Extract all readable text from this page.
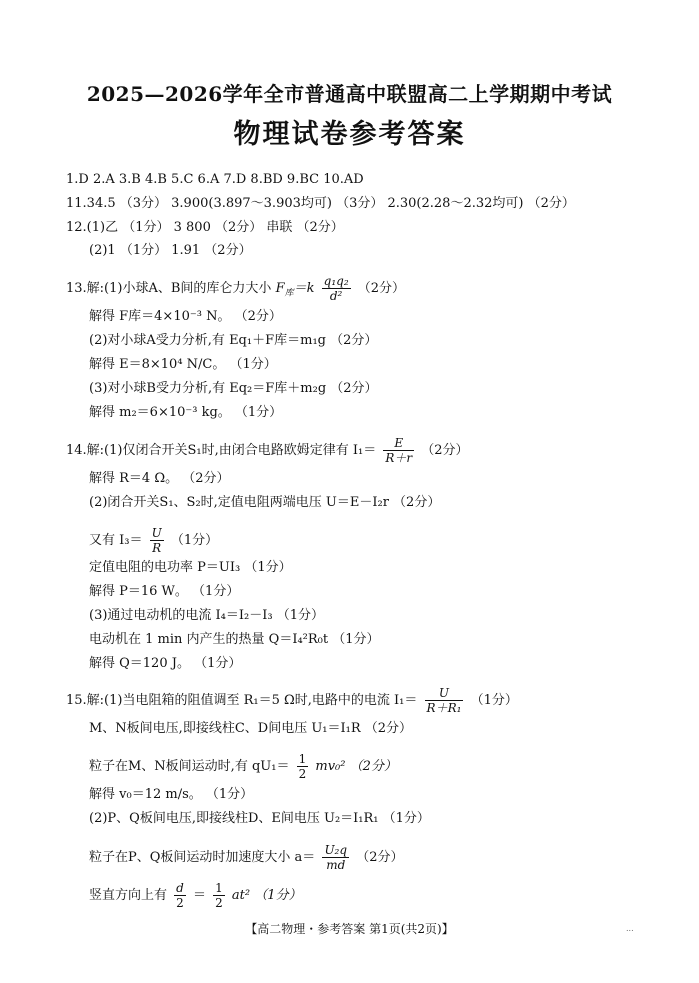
2025—2026学年全市普通高中联盟高二上学期期中考试
物理试卷参考答案
1.D 2.A 3.B 4.B 5.C 6.A 7.D 8.BD 9.BC 10.AD
11.34.5 （3分） 3.900(3.897～3.903均可) （3分） 2.30(2.28～2.32均可) （2分）
12.(1)乙 （1分） 3 800 （2分） 串联 （2分）
(2)1 （1分） 1.91 （2分）
13.解:(1)小球A、B间的库仑力大小 $F_库=k \frac{\text{q₁q₂}}{\text{d²}} (2$分）
解得 F库＝4×10⁻³ N。 （2分）
(2)对小球A受力分析,有 Eq₁＋F库＝m₁g （2分）
解得 E＝8×10⁴ N/C。 （1分）
(3)对小球B受力分析,有 Eq₂＝F库＋m₂g （2分）
解得 m₂＝6×10⁻³ kg。 （1分）
14.解:(1)仅闭合开关S₁时,由闭合电路欧姆定律有 $I_1= \frac{E}{R+r} (2$分）
解得 R＝4 Ω。 （2分）
(2)闭合开关S₁、S₂时,定值电阻两端电压 U＝E－I₂r （2分）
又有 $I_3= \frac{U}{R} (1$分）
定值电阻的电功率 P＝UI₃ （1分）
解得 P＝16 W。 （1分）
(3)通过电动机的电流 I₄＝I₂－I₃ （1分）
电动机在 1 min 内产生的热量 Q＝I₄²R₀t （1分）
解得 Q＝120 J。 （1分）
15.解:(1)当电阻箱的阻值调至 R₁＝5 Ω时,电路中的电流 $I_1= \frac{U}{\text{R＋R₁}} (1$分）
M、N板间电压,即接线柱C、D间电压 U₁＝I₁R （2分）
粒子在M、N板间运动时,有 $qU_1= \frac{1}{2} mv_0^2$ （2分）
解得 v₀＝12 m/s。 （1分）
(2)P、Q板间电压,即接线柱D、E间电压 U₂＝I₁R₁ （1分）
粒子在P、Q板间运动时加速度大小 $a= \frac{\text{U₂q}}{md} (2$分）
竖直方向上有 $\frac{d}{2} = \frac{1}{2} at^2$ （1分）
【高二物理・参考答案 第1页(共2页)】	...
